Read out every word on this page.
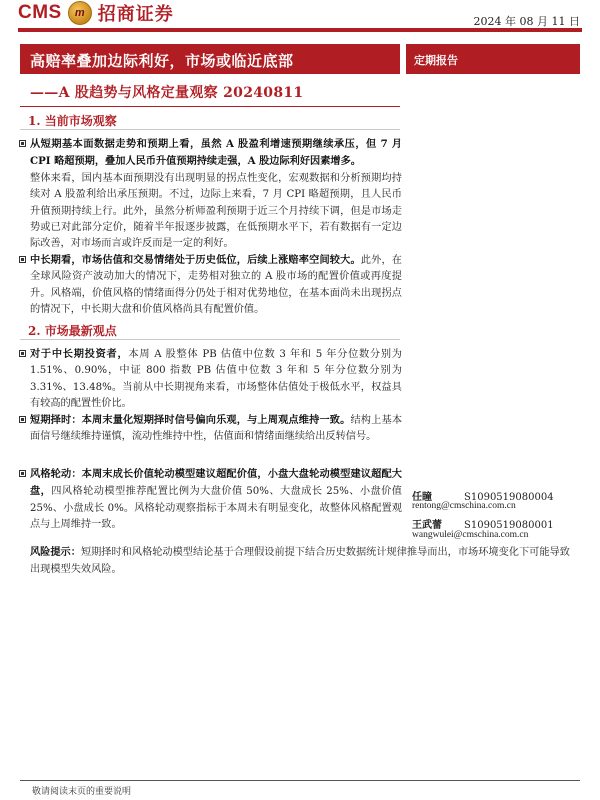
CMS	m 招商证券	2024 年 08 月 11 日
高赔率叠加边际利好，市场或临近底部	定期报告
——A 股趋势与风格定量观察 20240811
1. 当前市场观察
从短期基本面数据走势和预期上看，虽然 A 股盈利增速预期继续承压，但 7 月 CPI 略超预期，叠加人民币升值预期持续走强，A 股边际利好因素增多。
整体来看，国内基本面预期没有出现明显的拐点性变化，宏观数据和分析预期均持续对 A 股盈利给出承压预期。不过，边际上来看，7 月 CPI 略超预期，且人民币升值预期持续上行。此外，虽然分析师盈利预期于近三个月持续下调，但是市场走势或已对此部分定价，随着半年报逐步披露，在低预期水平下，若有数据有一定边际改善，对市场而言或许反而是一定的利好。
中长期看，市场估值和交易情绪处于历史低位，后续上涨赔率空间较大。此外，在全球风险资产波动加大的情况下，走势相对独立的 A 股市场的配置价值或再度提升。风格端，价值风格的情绪面得分仍处于相对优势地位，在基本面尚未出现拐点的情况下，中长期大盘和价值风格尚具有配置价值。
2. 市场最新观点
对于中长期投资者，本周 A 股整体 PB 估值中位数 3 年和 5 年分位数分别为 1.51%、0.90%，中证 800 指数 PB 估值中位数 3 年和 5 年分位数分别为 3.31%、13.48%。当前从中长期视角来看，市场整体估值处于极低水平，权益具有较高的配置性价比。
短期择时：本周末量化短期择时信号偏向乐观，与上周观点维持一致。结构上基本面信号继续维持谨慎，流动性维持中性，估值面和情绪面继续给出反转信号。
风格轮动：本周末成长价值轮动模型建议超配价值，小盘大盘轮动模型建议超配大盘，四风格轮动模型推荐配置比例为大盘价值 50%、大盘成长 25%、小盘价值 25%、小盘成长 0%。风格轮动观察指标于本周未有明显变化，故整体风格配置观点与上周维持一致。
任瞳	S1090519080004
rentong@cmschina.com.cn
王武蕾 S1090519080001
wangwulei@cmschina.com.cn
风险提示：短期择时和风格轮动模型结论基于合理假设前提下结合历史数据统计规律推导而出，市场环境变化下可能导致出现模型失效风险。
敬请阅读末页的重要说明
